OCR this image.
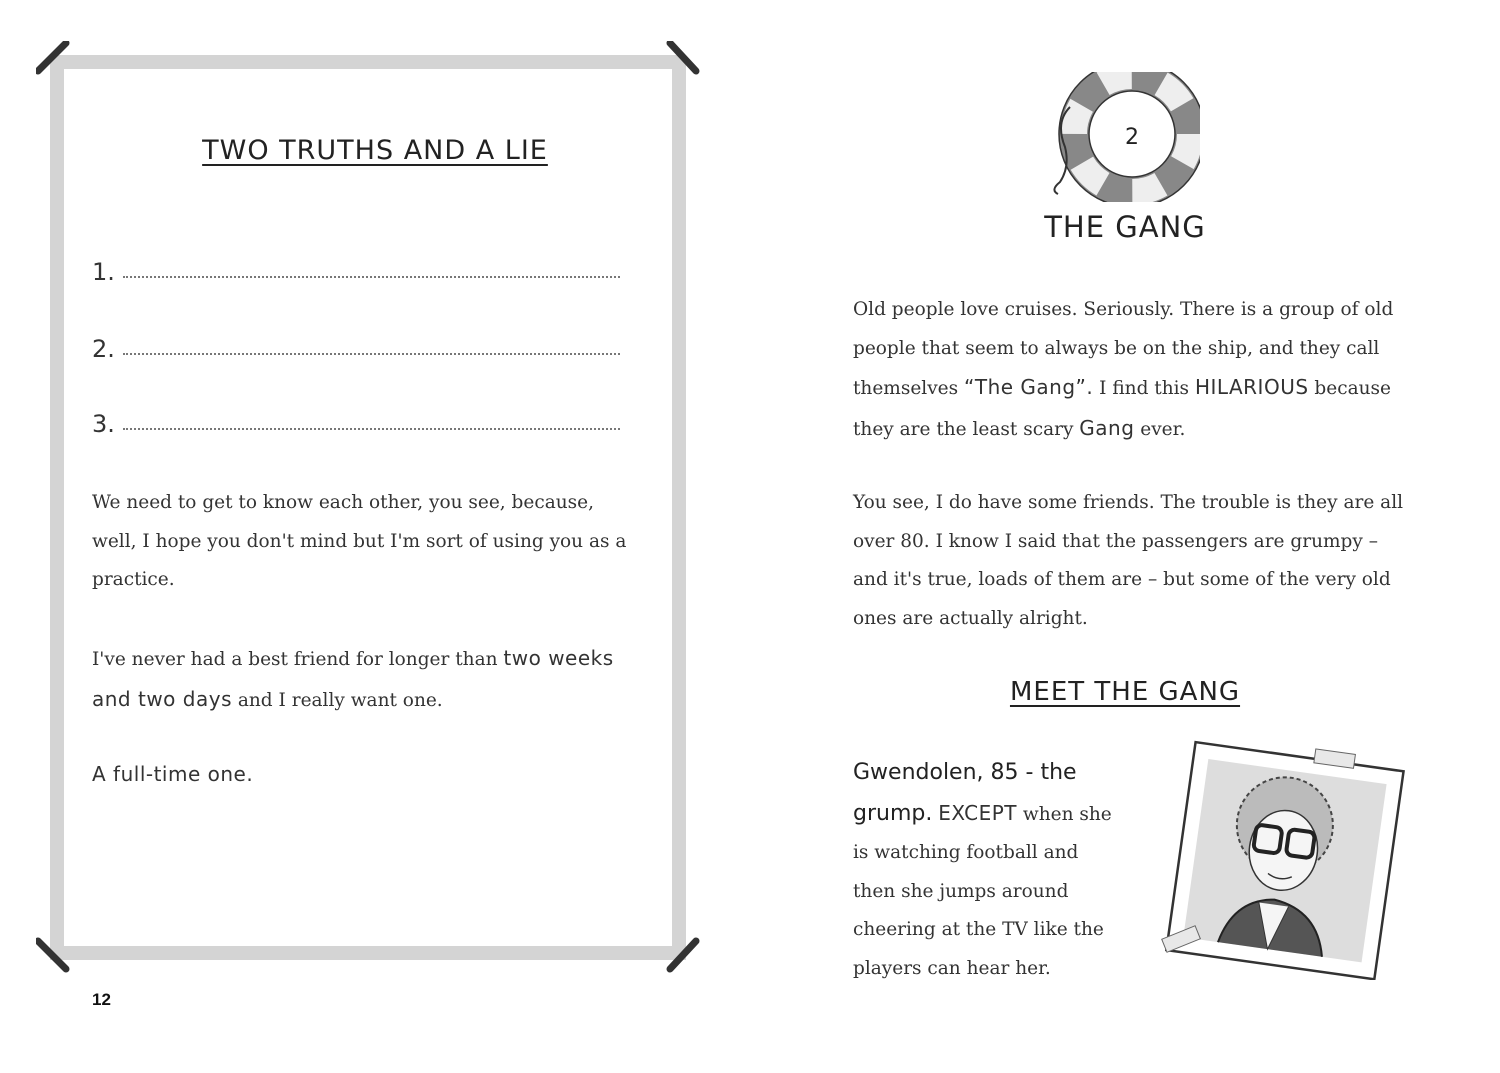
TWO TRUTHS AND A LIE
1.
2.
3.

We need to get to know each other, you see, because, well, I hope you don't mind but I'm sort of using you as a practice.

I've never had a best friend for longer than two weeks and two days and I really want one.

A full-time one.

12
2
THE GANG

Old people love cruises. Seriously. There is a group of old people that seem to always be on the ship, and they call themselves “The Gang”. I find this HILARIOUS because they are the least scary Gang ever.

You see, I do have some friends. The trouble is they are all over 80. I know I said that the passengers are grumpy – and it's true, loads of them are – but some of the very old ones are actually alright.

MEET THE GANG

Gwendolen, 85 - the grump. EXCEPT when she is watching football and then she jumps around cheering at the TV like the players can hear her.
